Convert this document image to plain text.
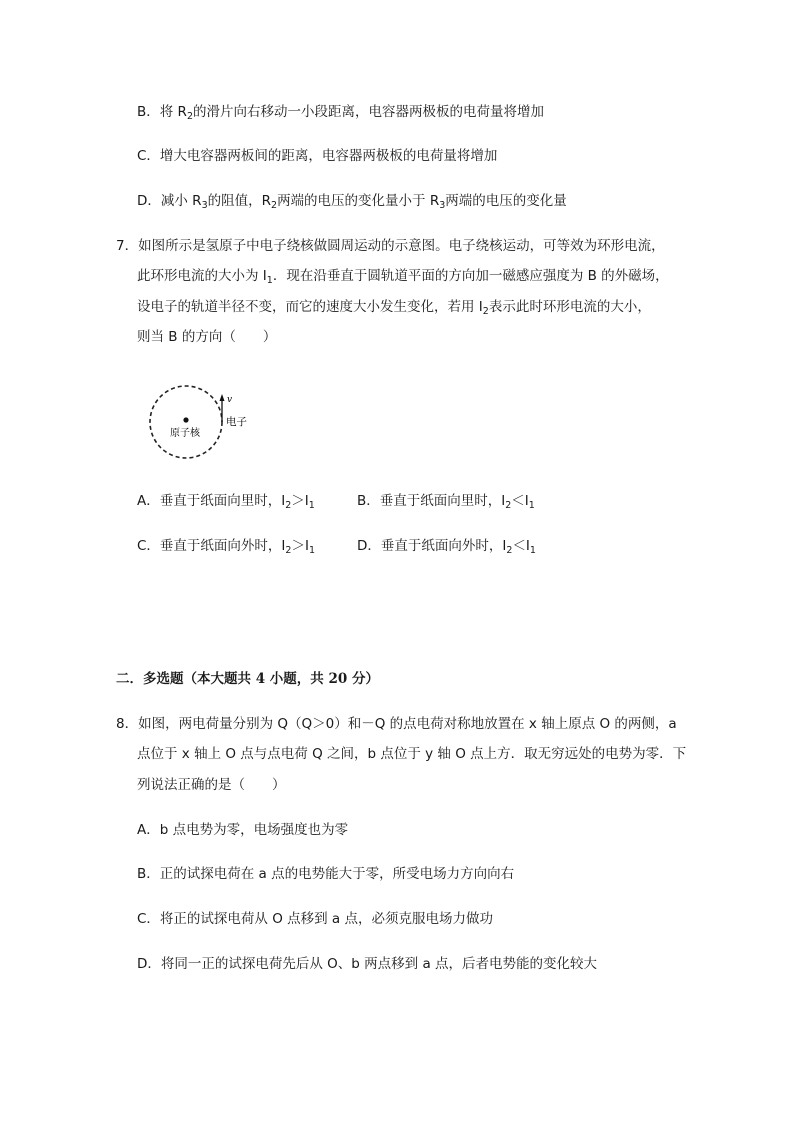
B．将 $R_2$的滑片向右移动一小段距离，电容器两极板的电荷量将增加
C．增大电容器两板间的距离，电容器两极板的电荷量将增加
D．减小 $R_3$的阻值，$R_2$两端的电压的变化量小于 $R_3$两端的电压的变化量
7．如图所示是氢原子中电子绕核做圆周运动的示意图。电子绕核运动，可等效为环形电流，
此环形电流的大小为 $I_1$．现在沿垂直于圆轨道平面的方向加一磁感应强度为 B 的外磁场，
设电子的轨道半径不变，而它的速度大小发生变化，若用 $I_2$表示此时环形电流的大小，
则当 B 的方向（　　）
v
电子
原子核
A．垂直于纸面向里时，$I_2>I_1$	B．垂直于纸面向里时，$I_2<I_1$
C．垂直于纸面向外时，$I_2>I_1$	D．垂直于纸面向外时，$I_2<I_1$
二．多选题（本大题共 4 小题，共 20 分）
8．如图，两电荷量分别为 Q（Q＞0）和－Q 的点电荷对称地放置在 x 轴上原点 O 的两侧，a
点位于 x 轴上 O 点与点电荷 Q 之间，b 点位于 y 轴 O 点上方．取无穷远处的电势为零．下
列说法正确的是（　　）
A．b 点电势为零，电场强度也为零
B．正的试探电荷在 a 点的电势能大于零，所受电场力方向向右
C．将正的试探电荷从 O 点移到 a 点，必须克服电场力做功
D．将同一正的试探电荷先后从 O、b 两点移到 a 点，后者电势能的变化较大
